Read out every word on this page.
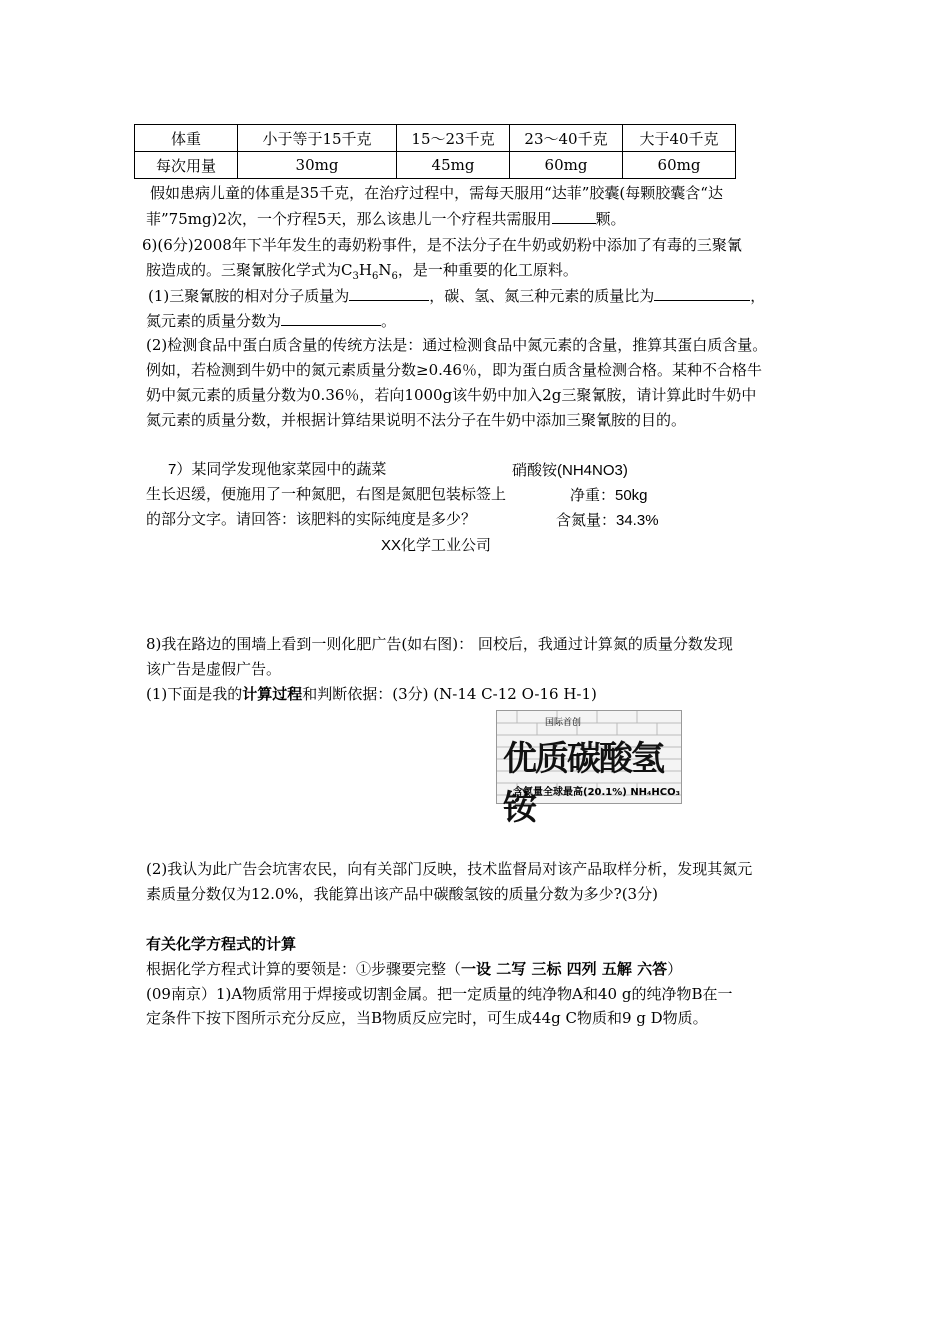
体重	小于等于15千克	15～23千克	23～40千克	大于40千克
每次用量	30mg	45mg	60mg	60mg
假如患病儿童的体重是35千克，在治疗过程中，需每天服用“达菲”胶囊(每颗胶囊含“达
菲”75mg)2次，一个疗程5天，那么该患儿一个疗程共需服用	颗。
6)(6分)2008年下半年发生的毒奶粉事件，是不法分子在牛奶或奶粉中添加了有毒的三聚氰
胺造成的。三聚氰胺化学式为$C_3H_6N_6$，是一种重要的化工原料。
(1)三聚氰胺的相对分子质量为	，碳、氢、氮三种元素的质量比为	，
氮元素的质量分数为	。
(2)检测食品中蛋白质含量的传统方法是：通过检测食品中氮元素的含量，推算其蛋白质含量。
例如，若检测到牛奶中的氮元素质量分数≥0.46％，即为蛋白质含量检测合格。某种不合格牛
奶中氮元素的质量分数为0.36％，若向1000g该牛奶中加入2g三聚氰胺，请计算此时牛奶中
氮元素的质量分数，并根据计算结果说明不法分子在牛奶中添加三聚氰胺的目的。
7）某同学发现他家菜园中的蔬菜
生长迟缓，便施用了一种氮肥，右图是氮肥包装标签上
的部分文字。请回答：该肥料的实际纯度是多少？
硝酸铵(NH4NO3)
净重：50kg
含氮量：34.3%
XX化学工业公司
8)我在路边的围墙上看到一则化肥广告(如右图)： 回校后，我通过计算氮的质量分数发现
该广告是虚假广告。
(1)下面是我的计算过程和判断依据：(3分) (N-14 C-12 O-16 H-1)
国际首创
优质碳酸氢铵
含氮量全球最高(20.1%) NH₄HCO₃
(2)我认为此广告会坑害农民，向有关部门反映，技术监督局对该产品取样分析，发现其氮元
素质量分数仅为12.0%，我能算出该产品中碳酸氢铵的质量分数为多少?(3分)
有关化学方程式的计算
根据化学方程式计算的要领是：①步骤要完整（一设 二写 三标 四列 五解 六答）
(09南京）1)A物质常用于焊接或切割金属。把一定质量的纯净物A和40 g的纯净物B在一
定条件下按下图所示充分反应，当B物质反应完时，可生成44g C物质和9 g D物质。
